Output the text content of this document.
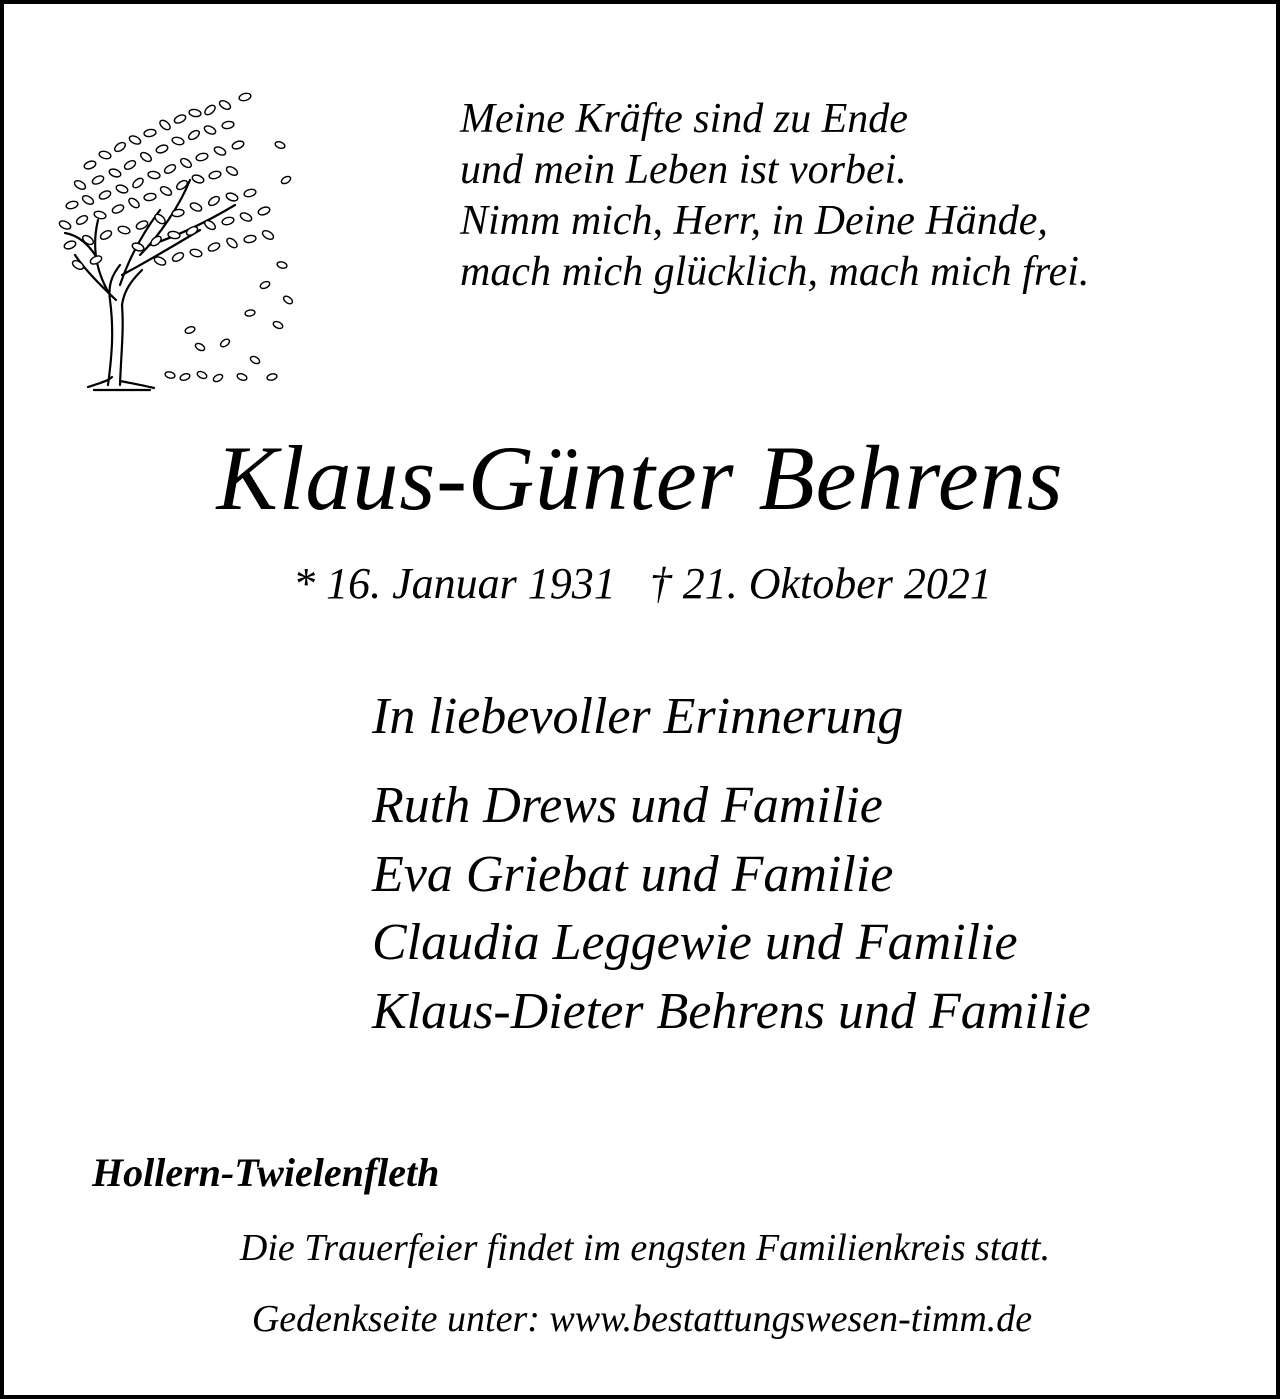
Meine Kräfte sind zu Ende
und mein Leben ist vorbei.
Nimm mich, Herr, in Deine Hände,
mach mich glücklich, mach mich frei.
Klaus-Günter Behrens
* 16. Januar 1931 † 21. Oktober 2021
In liebevoller Erinnerung
Ruth Drews und Familie
Eva Griebat und Familie
Claudia Leggewie und Familie
Klaus-Dieter Behrens und Familie
Hollern-Twielenfleth
Die Trauerfeier findet im engsten Familienkreis statt.
Gedenkseite unter: www.bestattungswesen-timm.de
